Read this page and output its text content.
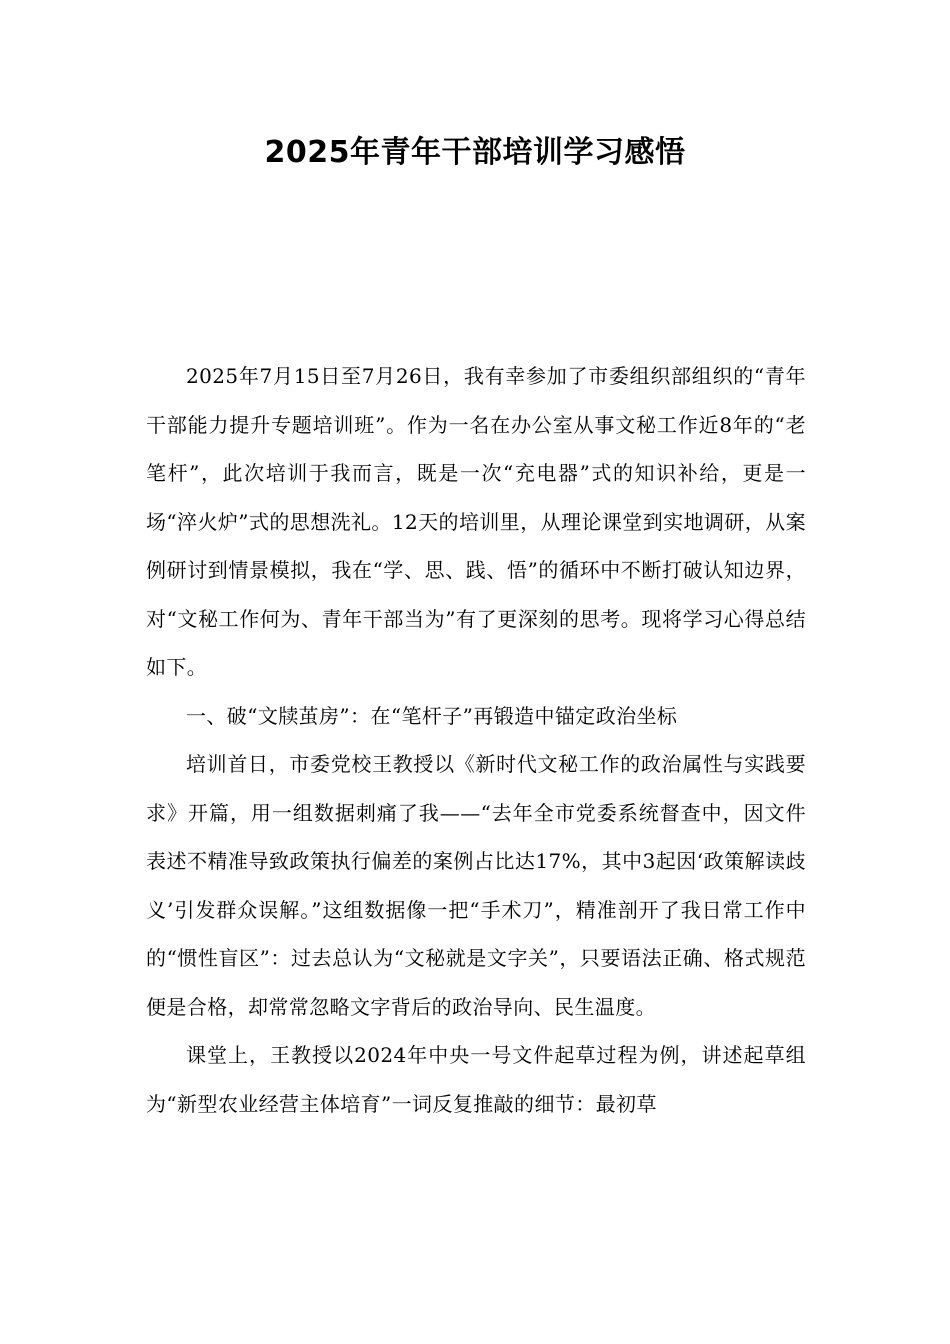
2025年青年干部培训学习感悟

2025年7月15日至7月26日，我有幸参加了市委组织部组织的“青年干部能力提升专题培训班”。作为一名在办公室从事文秘工作近8年的“老笔杆”，此次培训于我而言，既是一次“充电器”式的知识补给，更是一场“淬火炉”式的思想洗礼。12天的培训里，从理论课堂到实地调研，从案例研讨到情景模拟，我在“学、思、践、悟”的循环中不断打破认知边界，对“文秘工作何为、青年干部当为”有了更深刻的思考。现将学习心得总结如下。

一、破“文牍茧房”：在“笔杆子”再锻造中锚定政治坐标

培训首日，市委党校王教授以《新时代文秘工作的政治属性与实践要求》开篇，用一组数据刺痛了我——“去年全市党委系统督查中，因文件表述不精准导致政策执行偏差的案例占比达17%，其中3起因‘政策解读歧义’引发群众误解。”这组数据像一把“手术刀”，精准剖开了我日常工作中的“惯性盲区”：过去总认为“文秘就是文字关”，只要语法正确、格式规范便是合格，却常常忽略文字背后的政治导向、民生温度。

课堂上，王教授以2024年中央一号文件起草过程为例，讲述起草组为“新型农业经营主体培育”一词反复推敲的细节：最初草
